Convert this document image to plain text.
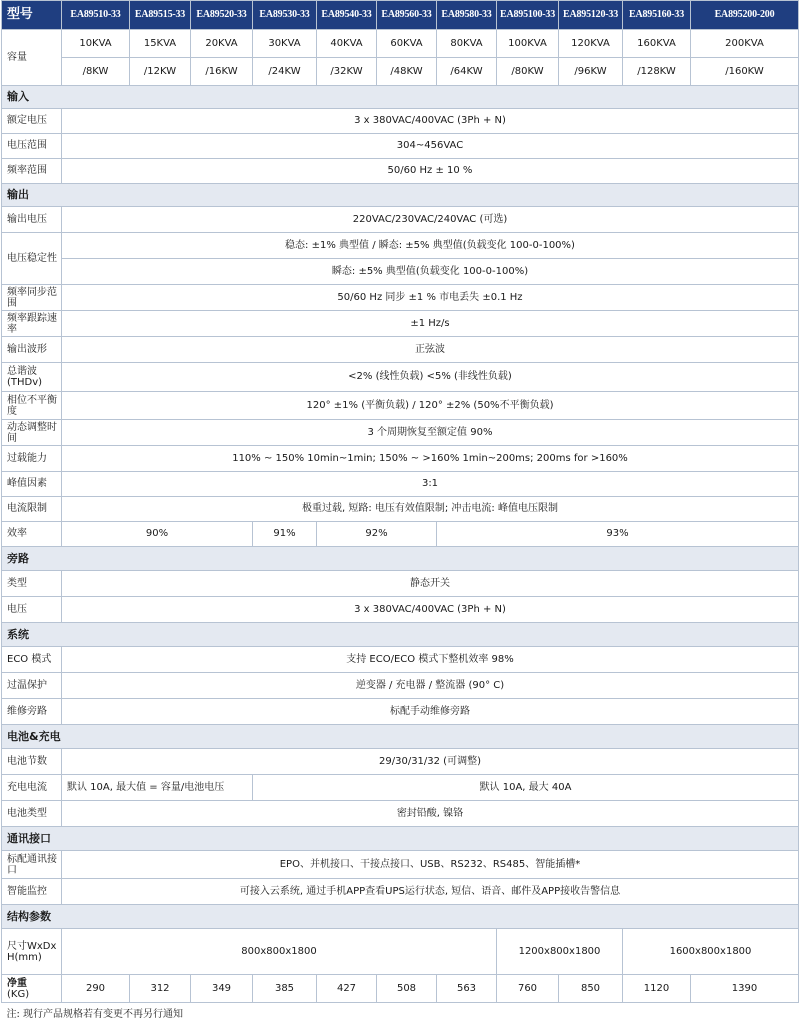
型号	EA89510-33	EA89515-33	EA89520-33	EA89530-33	EA89540-33	EA89560-33	EA89580-33	EA895100-33	EA895120-33	EA895160-33	EA895200-200
容量	10KVA	15KVA	20KVA	30KVA	40KVA	60KVA	80KVA	100KVA	120KVA	160KVA	200KVA
	/8KW	/12KW	/16KW	/24KW	/32KW	/48KW	/64KW	/80KW	/96KW	/128KW	/160KW
输入											
额定电压	3 x 380VAC/400VAC (3Ph + N)										
电压范围	304~456VAC										
频率范围	50/60 Hz ± 10 %										
输出											
输出电压	220VAC/230VAC/240VAC (可选)										
电压稳定性	稳态: ±1% 典型值 / 瞬态: ±5% 典型值(负载变化 100-0-100%)										
	瞬态: ±5% 典型值(负载变化 100-0-100%)										
频率同步范围	50/60 Hz 同步 ±1 % 市电丢失 ±0.1 Hz										
频率跟踪速率	±1 Hz/s										
输出波形	正弦波										
总谐波(THDv)	<2% (线性负载) <5% (非线性负载)										
相位不平衡度	120° ±1% (平衡负载) / 120° ±2% (50%不平衡负载)										
动态调整时间	3 个周期恢复至额定值 90%										
过载能力	110% ~ 150% 10min~1min; 150% ~ >160% 1min~200ms; 200ms for >160%										
峰值因素	3:1										
电流限制	极重过载, 短路: 电压有效值限制; 冲击电流: 峰值电压限制										
效率	90%			91%	92%		93%				
旁路											
类型	静态开关										
电压	3 x 380VAC/400VAC (3Ph + N)										
系统											
ECO 模式	支持 ECO/ECO 模式下整机效率 98%										
过温保护	逆变器 / 充电器 / 整流器 (90° C)										
维修旁路	标配手动维修旁路										
电池&充电											
电池节数	29/30/31/32 (可调整)										
充电电流	默认 10A, 最大值 = 容量/电池电压			默认 10A, 最大 40A							
电池类型	密封铅酸, 镍铬										
通讯接口											
标配通讯接口	EPO、并机接口、干接点接口、USB、RS232、RS485、智能插槽*										
智能监控	可接入云系统, 通过手机APP查看UPS运行状态, 短信、语音、邮件及APP接收告警信息										
结构参数											
尺寸WxDxH(mm)	800x800x1800							1200x800x1800		1600x800x1800	

净重
(KG)	290	312	349	385	427	508	563	760	850	1120	1390
注: 现行产品规格若有变更不再另行通知											
